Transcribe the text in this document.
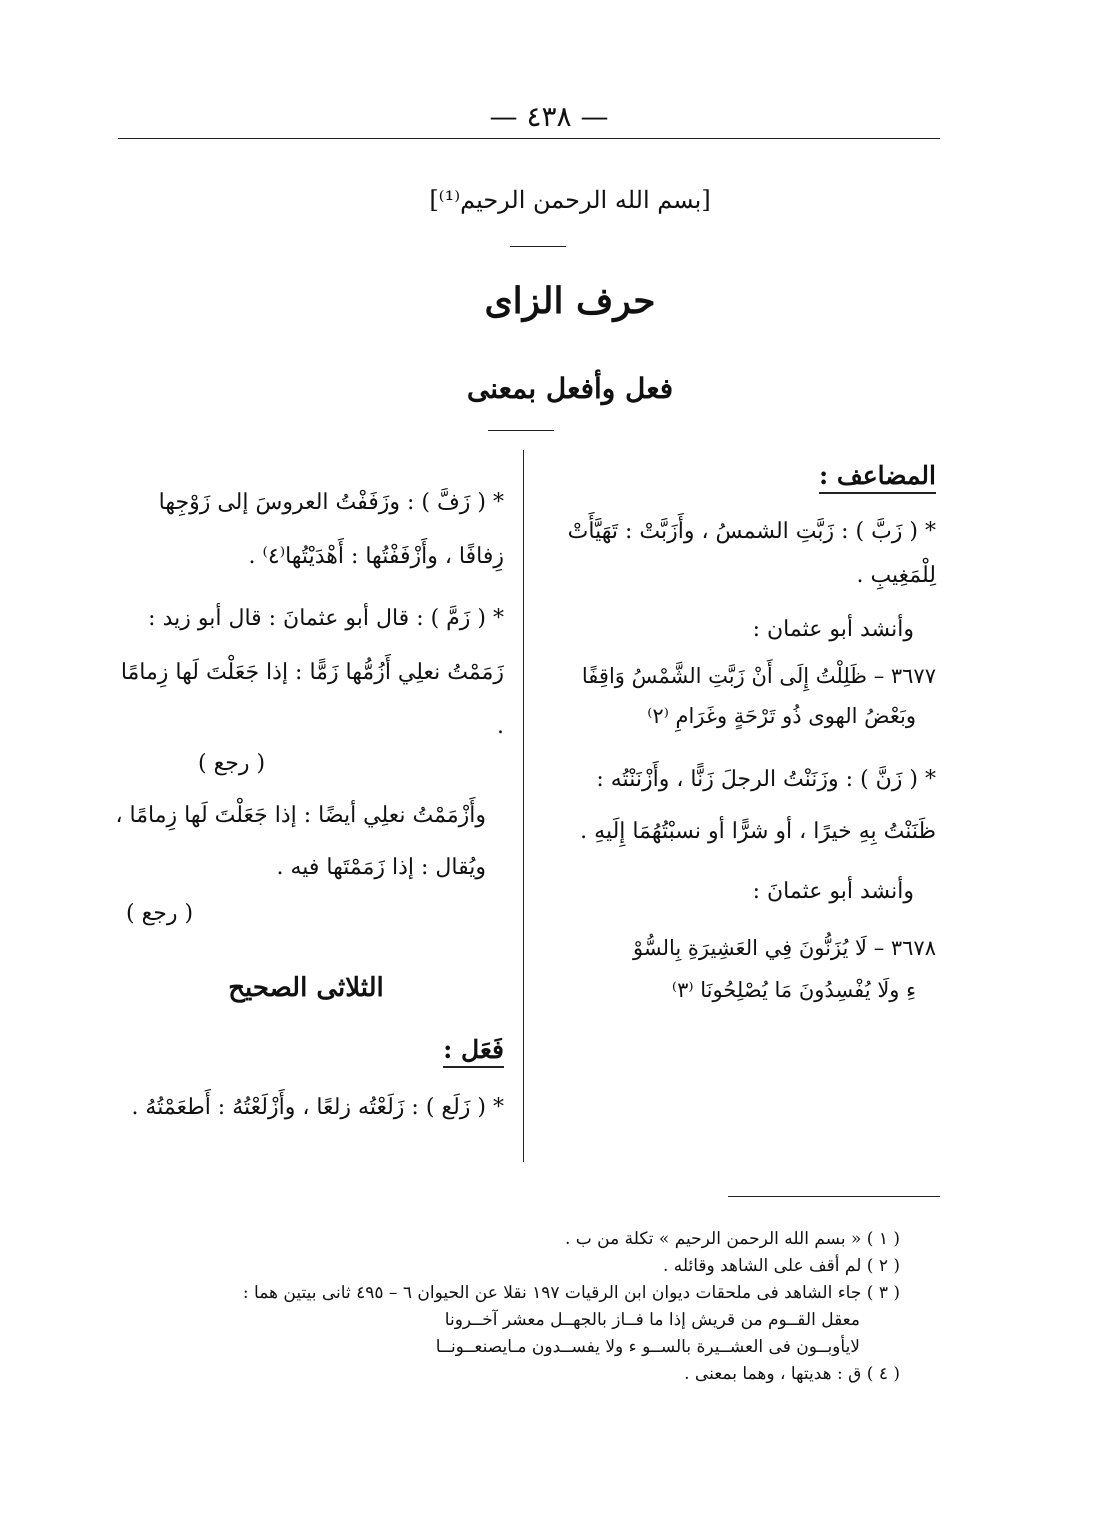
— ٤٣٨ —
[بسم الله الرحمن الرحيم⁽¹⁾]
حرف الزاى
فعل وأفعل بمعنى

المضاعف :

* ( زَبَّ ) : زَبَّتِ الشمسُ ، وأَزَبَّتْ : تَهَيَّأَتْ لِلْمَغِيبِ .

وأنشد أبو عثمان :

٣٦٧٧ – ظَلِلْتُ إِلَى أَنْ زَبَّتِ الشَّمْسُ وَاقِفًا

وبَعْضُ الهوى ذُو تَرْحَةٍ وغَرَامِ ⁽٢⁾

* ( زَنَّ ) : وزَنَنْتُ الرجلَ زَنًّا ، وأَزْنَنْتُه : ظَنَنْتُ بِهِ خيرًا ، أو شرًّا أو نسبْتُهُمَا إِلَيهِ .

وأنشد أبو عثمانَ :

٣٦٧٨ – لَا يُزَنُّونَ فِي العَشِيرَةِ بِالسُّوْ

ءِ ولَا يُفْسِدُونَ مَا يُصْلِحُونَا ⁽٣⁾

* ( زَفَّ ) : وزَفَفْتُ العروسَ إلى زَوْجِها زِفافًا ، وأَزْفَفْتُها : أَهْدَيْتُها⁽٤⁾ .

* ( زَمَّ ) : قال أبو عثمانَ : قال أبو زيد : زَمَمْتُ نعلِي أَزُمُّها زَمًّا : إذا جَعَلْتَ لَها زِمامًا .

( رجع )

وأَزْمَمْتُ نعلِي أيضًا : إذا جَعَلْتَ لَها زِمامًا ، ويُقال : إذا زَمَمْتَها فيه .

( رجع )

الثلاثى الصحيح

فَعَل :

* ( زَلَع ) : زَلَعْتُه زلعًا ، وأَزْلَعْتُهُ : أَطعَمْتُهُ .

( ١ ) « بسم الله الرحمن الرحيم » تكلة من ب .

( ٢ ) لم أقف على الشاهد وقائله .

( ٣ ) جاء الشاهد فى ملحقات ديوان ابن الرقيات ١٩٧ نقلا عن الحيوان ٦ – ٤٩٥ ثانى بيتين هما :

معقل القــوم من قريش إذا ما فــاز بالجهــل معشر آخــرونا

لايأوبــون فى العشــيرة بالســو ء ولا يفســدون مـايصنعــونــا

( ٤ ) ق : هديتها ، وهما بمعنى .
